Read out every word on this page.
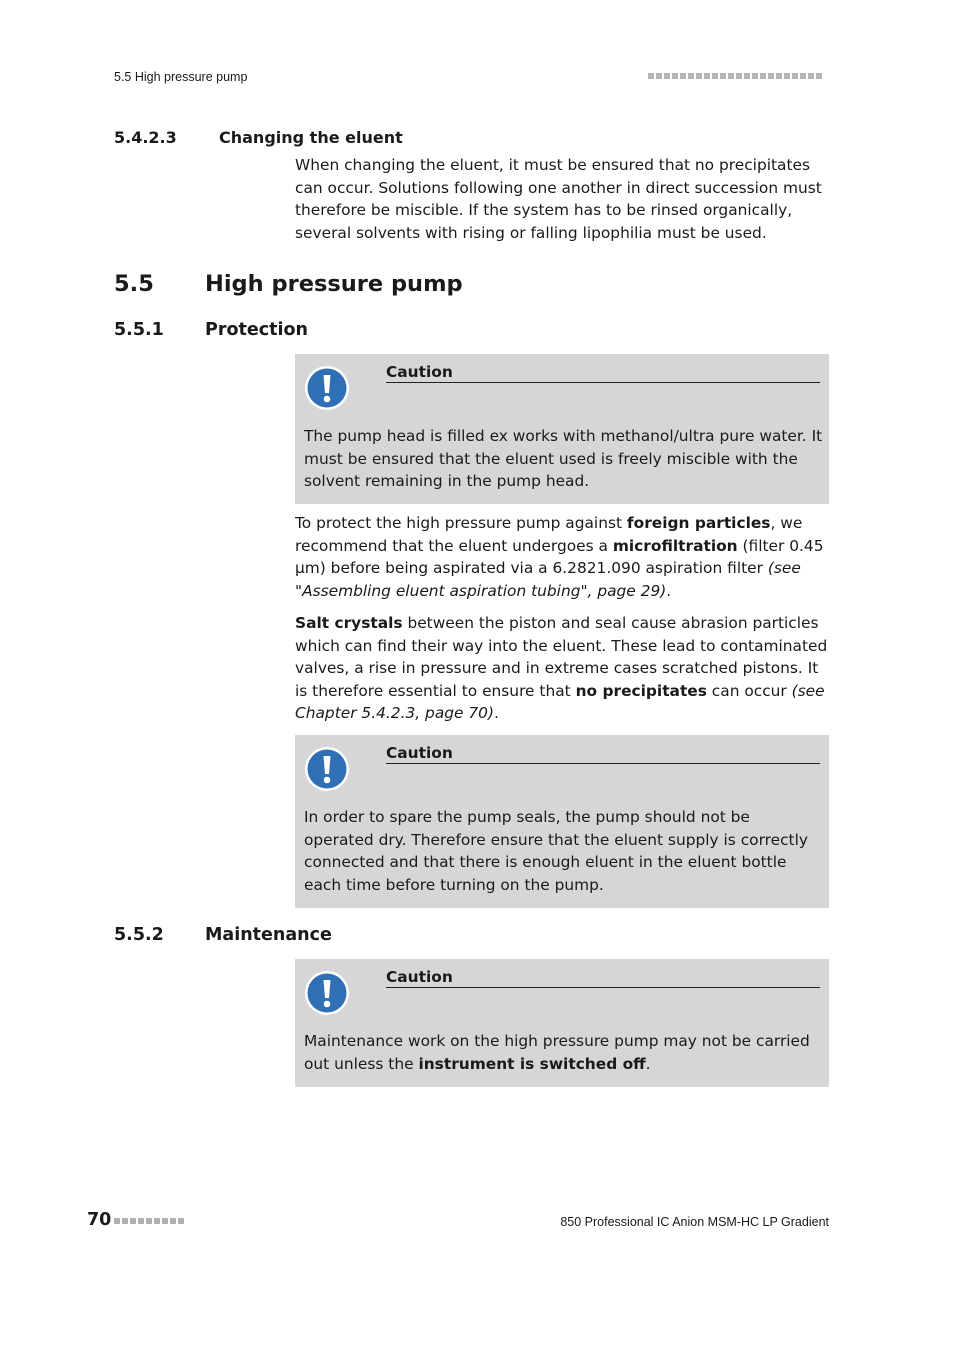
5.5 High pressure pump
5.4.2.3	Changing the eluent
When changing the eluent, it must be ensured that no precipitates can occur. Solutions following one another in direct succession must therefore be miscible. If the system has to be rinsed organically, several solvents with rising or falling lipophilia must be used.
5.5 High pressure pump
5.5.1 Protection
Caution
The pump head is filled ex works with methanol/ultra pure water. It must be ensured that the eluent used is freely miscible with the solvent remaining in the pump head.
To protect the high pressure pump against foreign particles, we recommend that the eluent undergoes a microfiltration (filter 0.45 µm) before being aspirated via a 6.2821.090 aspiration filter (see "Assembling eluent aspiration tubing", page 29).
Salt crystals between the piston and seal cause abrasion particles which can find their way into the eluent. These lead to contaminated valves, a rise in pressure and in extreme cases scratched pistons. It is therefore essential to ensure that no precipitates can occur (see Chapter 5.4.2.3, page 70).
Caution
In order to spare the pump seals, the pump should not be operated dry. Therefore ensure that the eluent supply is correctly connected and that there is enough eluent in the eluent bottle each time before turning on the pump.
5.5.2 Maintenance
Caution
Maintenance work on the high pressure pump may not be carried out unless the instrument is switched off.
70	850 Professional IC Anion MSM-HC LP Gradient
